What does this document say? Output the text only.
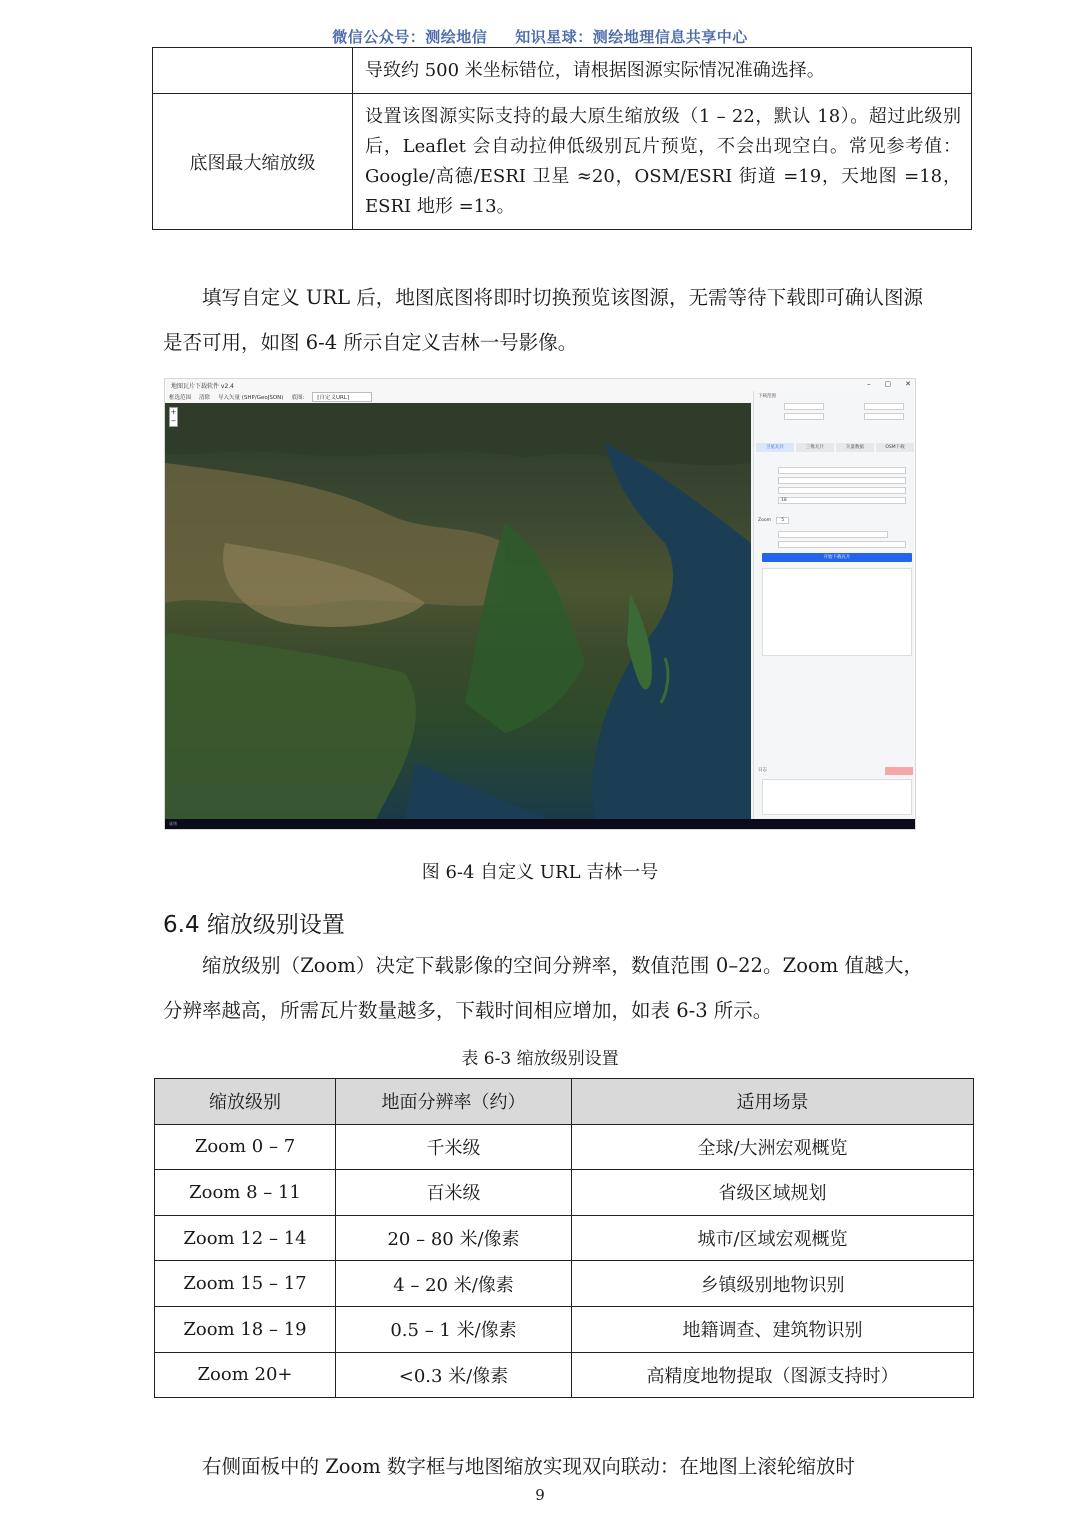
微信公众号：测绘地信 知识星球：测绘地理信息共享中心
	导致约 500 米坐标错位，请根据图源实际情况准确选择。
底图最大缩放级	设置该图源实际支持的最大原生缩放级（1 – 22，默认 18）。超过此级别后，Leaflet 会自动拉伸低级别瓦片预览，不会出现空白。常见参考值：Google/高德/ESRI 卫星 ≈20，OSM/ESRI 街道 =19，天地图 =18，ESRI 地形 =13。

填写自定义 URL 后，地图底图将即时切换预览该图源，无需等待下载即可确认图源是否可用，如图 6-4 所示自定义吉林一号影像。

地图瓦片下载软件 v2.4	– ▢ ✕
框选范围 清除 导入矢量 (SHP/GeoJSON) 底图:	[自定义URL]
+
−
下载范围
卫星瓦片	三维瓦片	矢量数据	OSM下载
18
Zoom 5
开始下载瓦片
日志
就绪
图 6-4 自定义 URL 吉林一号
6.4 缩放级别设置

缩放级别（Zoom）决定下载影像的空间分辨率，数值范围 0–22。Zoom 值越大，分辨率越高，所需瓦片数量越多，下载时间相应增加，如表 6-3 所示。

表 6-3 缩放级别设置
缩放级别	地面分辨率（约）	适用场景
Zoom 0 – 7	千米级	全球/大洲宏观概览
Zoom 8 – 11	百米级	省级区域规划
Zoom 12 – 14	20 – 80 米/像素	城市/区域宏观概览
Zoom 15 – 17	4 – 20 米/像素	乡镇级别地物识别
Zoom 18 – 19	0.5 – 1 米/像素	地籍调查、建筑物识别
Zoom 20+	<0.3 米/像素	高精度地物提取（图源支持时）

右侧面板中的 Zoom 数字框与地图缩放实现双向联动：在地图上滚轮缩放时

9
